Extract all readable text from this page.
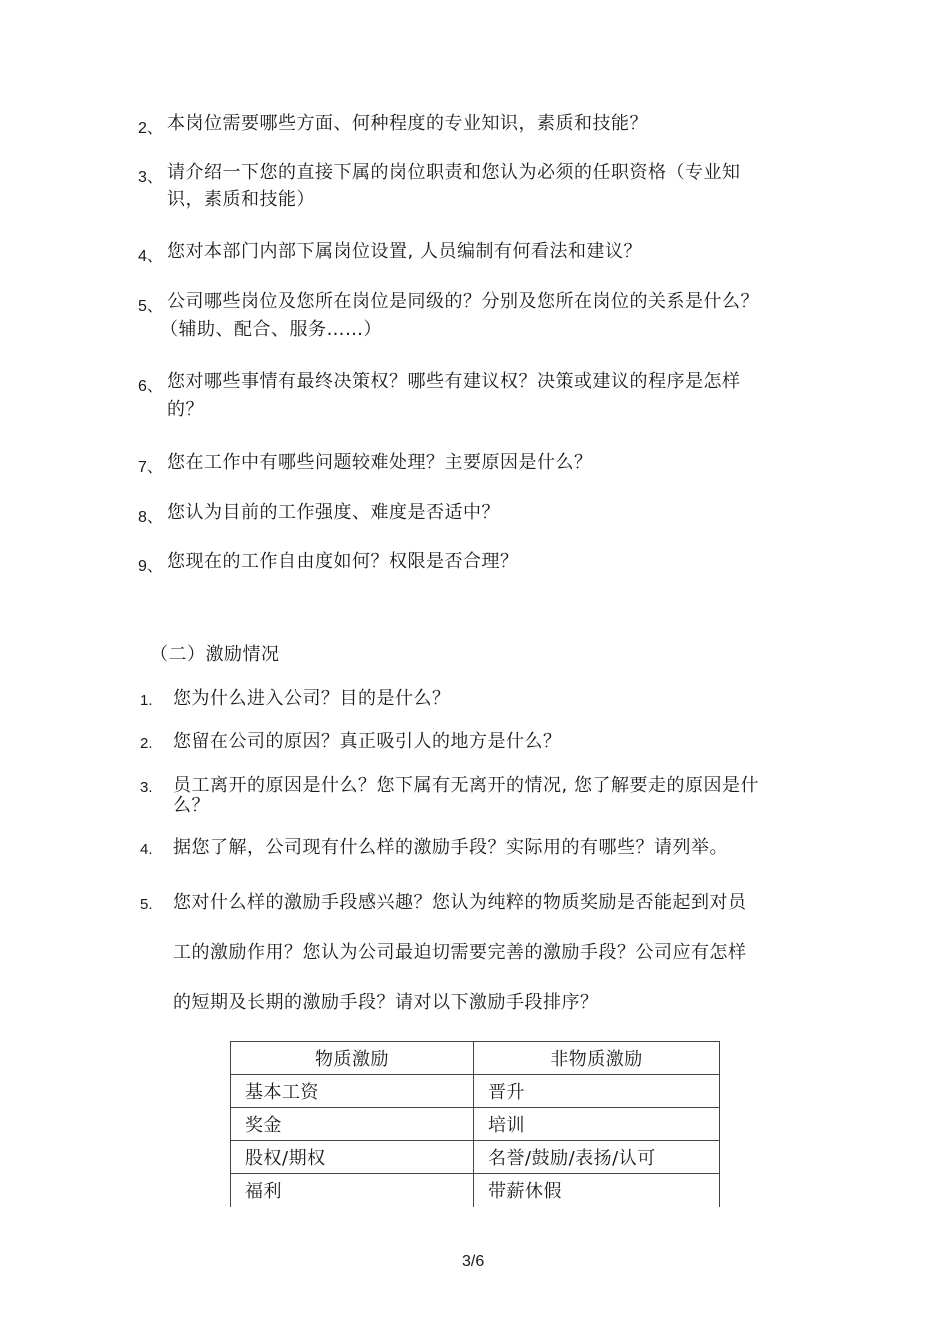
2、 本岗位需要哪些方面、何种程度的专业知识，素质和技能？
3、 请介绍一下您的直接下属的岗位职责和您认为必须的任职资格（专业知
识，素质和技能）
4、 您对本部门内部下属岗位设置, 人员编制有何看法和建议？
5、 公司哪些岗位及您所在岗位是同级的？分别及您所在岗位的关系是什么？
（辅助、配合、服务……）
6、 您对哪些事情有最终决策权？哪些有建议权？决策或建议的程序是怎样
的？
7、 您在工作中有哪些问题较难处理？主要原因是什么？
8、 您认为目前的工作强度、难度是否适中？
9、 您现在的工作自由度如何？权限是否合理？
（二）激励情况
1. 您为什么进入公司？目的是什么？
2. 您留在公司的原因？真正吸引人的地方是什么？
3. 员工离开的原因是什么？您下属有无离开的情况, 您了解要走的原因是什
么？
4. 据您了解，公司现有什么样的激励手段？实际用的有哪些？请列举。
5. 您对什么样的激励手段感兴趣？您认为纯粹的物质奖励是否能起到对员
工的激励作用？您认为公司最迫切需要完善的激励手段？公司应有怎样
的短期及长期的激励手段？请对以下激励手段排序？
物质激励	非物质激励
基本工资	晋升
奖金	培训
股权/期权	名誉/鼓励/表扬/认可
福利	带薪休假
3/6
